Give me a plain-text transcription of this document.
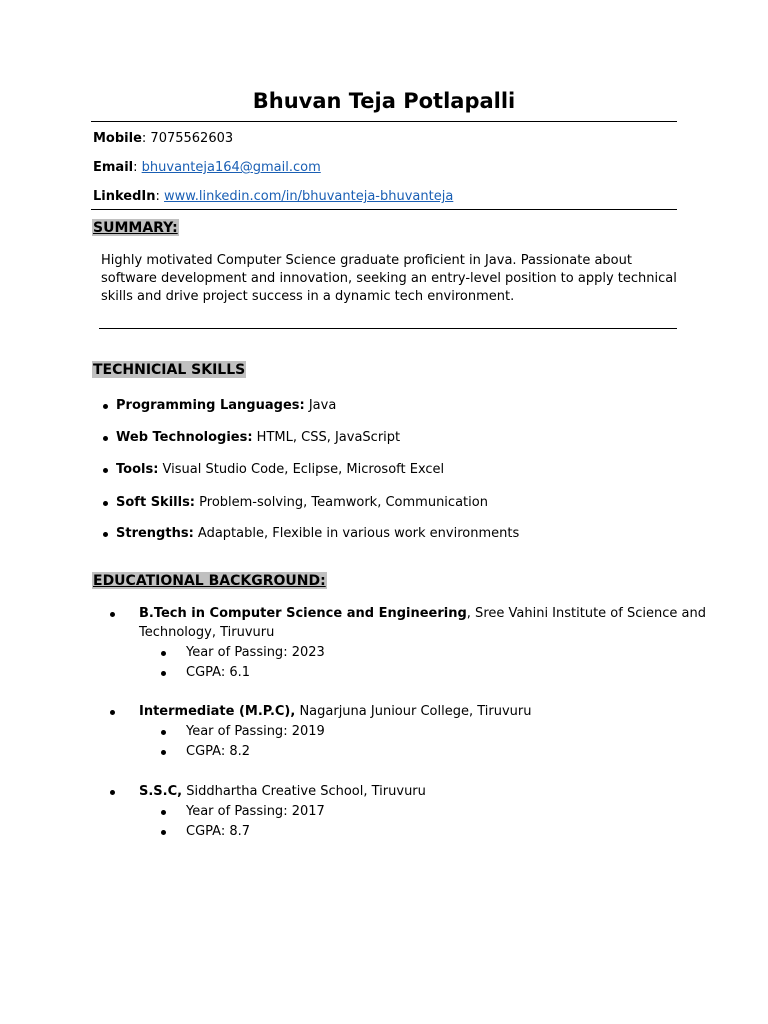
Bhuvan Teja Potlapalli
Mobile: 7075562603
Email: bhuvanteja164@gmail.com
LinkedIn: www.linkedin.com/in/bhuvanteja-bhuvanteja
SUMMARY:
Highly motivated Computer Science graduate proficient in Java. Passionate about software development and innovation, seeking an entry-level position to apply technical skills and drive project success in a dynamic tech environment.
TECHNICIAL SKILLS
Programming Languages: Java
Web Technologies: HTML, CSS, JavaScript
Tools: Visual Studio Code, Eclipse, Microsoft Excel
Soft Skills: Problem-solving, Teamwork, Communication
Strengths: Adaptable, Flexible in various work environments
EDUCATIONAL BACKGROUND:
B.Tech in Computer Science and Engineering, Sree Vahini Institute of Science and
Technology, Tiruvuru
Year of Passing: 2023
CGPA: 6.1
Intermediate (M.P.C), Nagarjuna Juniour College, Tiruvuru
Year of Passing: 2019
CGPA: 8.2
S.S.C, Siddhartha Creative School, Tiruvuru
Year of Passing: 2017
CGPA: 8.7
